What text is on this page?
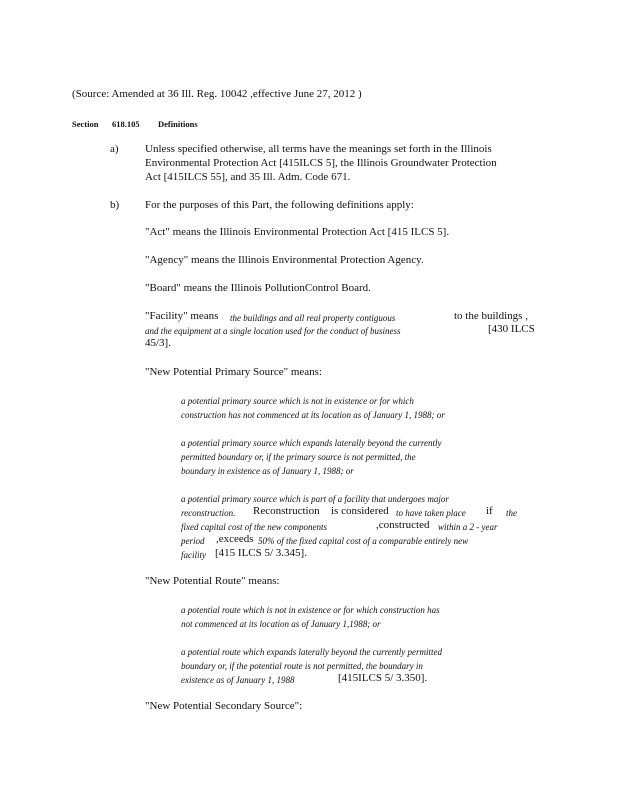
(Source: Amended at 36 Ill. Reg. 10042 ,effective June 27, 2012 )
Section 618.105 Definitions
a) Unless specified otherwise, all terms have the meanings set forth in the Illinois
Environmental Protection Act [415ILCS 5], the Illinois Groundwater Protection
Act [415ILCS 55], and 35 Ill. Adm. Code 671.
b) For the purposes of this Part, the following definitions apply:
"Act" means the Illinois Environmental Protection Act [415 ILCS 5].
"Agency" means the Illinois Environmental Protection Agency.
"Board" means the Illinois PollutionControl Board.
"Facility" means the buildings and all real property contiguous	to the buildings ,
and the equipment at a single location used for the conduct of business	[430 ILCS
45/3].
"New Potential Primary Source" means:
a potential primary source which is not in existence or for which
construction has not commenced at its location as of January 1, 1988; or
a potential primary source which expands laterally beyond the currently
permitted boundary or, if the primary source is not permitted, the
boundary in existence as of January 1, 1988; or
a potential primary source which is part of a facility that undergoes major
reconstruction. Reconstruction is considered to have taken place if the
fixed capital cost of the new components	,constructed within a 2 - year
period ,exceeds 50% of the fixed capital cost of a comparable entirely new
facility [415 ILCS 5/ 3.345].
"New Potential Route" means:
a potential route which is not in existence or for which construction has
not commenced at its location as of January 1,1988; or
a potential route which expands laterally beyond the currently permitted
boundary or, if the potential route is not permitted, the boundary in
existence as of January 1, 1988	[415ILCS 5/ 3.350].
"New Potential Secondary Source":
